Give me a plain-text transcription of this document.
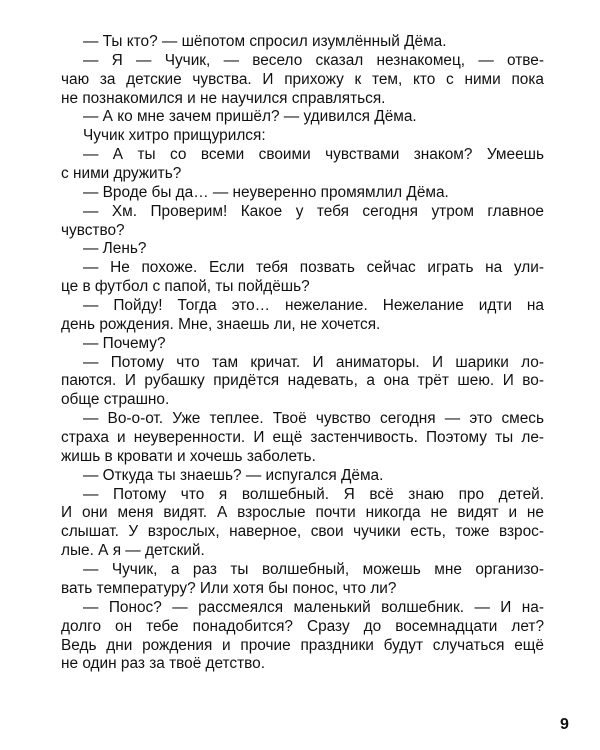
— Ты кто? — шёпотом спросил изумлённый Дёма.
— Я — Чучик, — весело сказал незнакомец, — отве-
чаю за детские чувства. И прихожу к тем, кто с ними пока
не познакомился и не научился справляться.
— А ко мне зачем пришёл? — удивился Дёма.
Чучик хитро прищурился:
— А ты со всеми своими чувствами знаком? Умеешь
с ними дружить?
— Вроде бы да… — неуверенно промямлил Дёма.
— Хм. Проверим! Какое у тебя сегодня утром главное
чувство?
— Лень?
— Не похоже. Если тебя позвать сейчас играть на ули-
це в футбол с папой, ты пойдёшь?
— Пойду! Тогда это… нежелание. Нежелание идти на
день рождения. Мне, знаешь ли, не хочется.
— Почему?
— Потому что там кричат. И аниматоры. И шарики ло-
паются. И рубашку придётся надевать, а она трёт шею. И во-
обще страшно.
— Во-о-от. Уже теплее. Твоё чувство сегодня — это смесь
страха и неуверенности. И ещё застенчивость. Поэтому ты ле-
жишь в кровати и хочешь заболеть.
— Откуда ты знаешь? — испугался Дёма.
— Потому что я волшебный. Я всё знаю про детей.
И они меня видят. А взрослые почти никогда не видят и не
слышат. У взрослых, наверное, свои чучики есть, тоже взрос-
лые. А я — детский.
— Чучик, а раз ты волшебный, можешь мне организо-
вать температуру? Или хотя бы понос, что ли?
— Понос? — рассмеялся маленький волшебник. — И на-
долго он тебе понадобится? Сразу до восемнадцати лет?
Ведь дни рождения и прочие праздники будут случаться ещё
не один раз за твоё детство.
9
